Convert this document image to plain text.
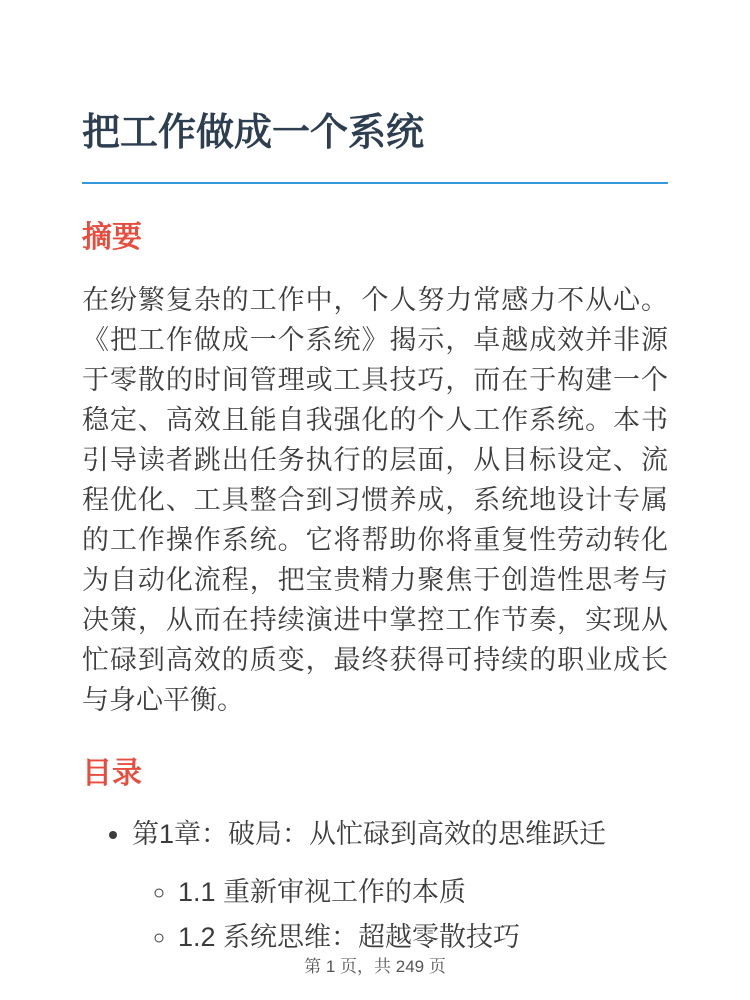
把工作做成一个系统
摘要

在纷繁复杂的工作中，个人努力常感力不从心。《把工作做成一个系统》揭示，卓越成效并非源于零散的时间管理或工具技巧，而在于构建一个稳定、高效且能自我强化的个人工作系统。本书引导读者跳出任务执行的层面，从目标设定、流程优化、工具整合到习惯养成，系统地设计专属的工作操作系统。它将帮助你将重复性劳动转化为自动化流程，把宝贵精力聚焦于创造性思考与决策，从而在持续演进中掌控工作节奏，实现从忙碌到高效的质变，最终获得可持续的职业成长与身心平衡。

目录
• 第1章：破局：从忙碌到高效的思维跃迁
◦ 1.1 重新审视工作的本质
◦ 1.2 系统思维：超越零散技巧
第 1 页，共 249 页
